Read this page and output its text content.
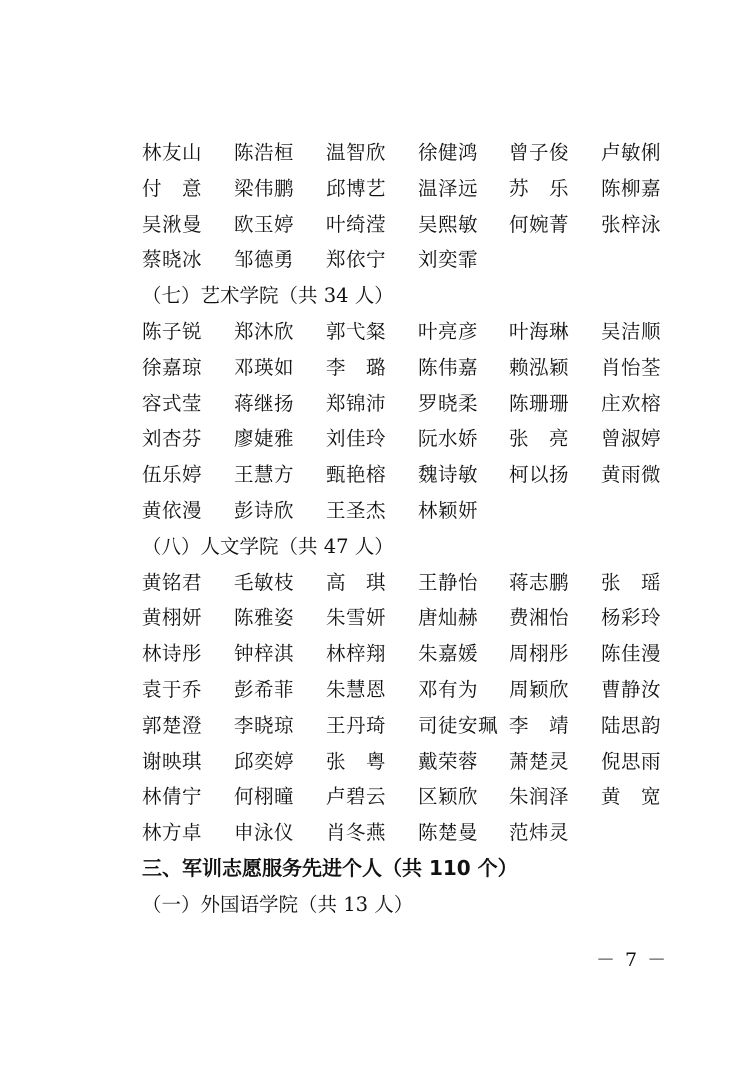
林友山	陈浩桓	温智欣	徐健鸿	曾子俊	卢敏俐
付　意	梁伟鹏	邱博艺	温泽远	苏　乐	陈柳嘉
吴湫曼	欧玉婷	叶绮滢	吴熙敏	何婉菁	张梓泳
蔡晓冰	邹德勇	郑依宁	刘奕霏
（七）艺术学院（共 34 人）
陈子锐	郑沐欣	郭弋粲	叶亮彦	叶海琳	吴洁顺
徐嘉琼	邓瑛如	李　璐	陈伟嘉	赖泓颖	肖怡荃
容式莹	蒋继扬	郑锦沛	罗晓柔	陈珊珊	庄欢榕
刘杏芬	廖婕雅	刘佳玲	阮水娇	张　亮	曾淑婷
伍乐婷	王慧方	甄艳榕	魏诗敏	柯以扬	黄雨微
黄依漫	彭诗欣	王圣杰	林颖妍
（八）人文学院（共 47 人）
黄铭君	毛敏枝	高　琪	王静怡	蒋志鹏	张　瑶
黄栩妍	陈雅姿	朱雪妍	唐灿赫	费湘怡	杨彩玲
林诗彤	钟梓淇	林梓翔	朱嘉媛	周栩彤	陈佳漫
袁于乔	彭希菲	朱慧恩	邓有为	周颖欣	曹静汝
郭楚澄	李晓琼	王丹琦	司徒安珮 李　靖	陆思韵
谢映琪	邱奕婷	张　粤	戴荣蓉	萧楚灵	倪思雨
林倩宁	何栩曈	卢碧云	区颖欣	朱润泽	黄　宽
林方卓	申泳仪	肖冬燕	陈楚曼	范炜灵
三、军训志愿服务先进个人（共 110 个）
（一）外国语学院（共 13 人）
－ 7 －
